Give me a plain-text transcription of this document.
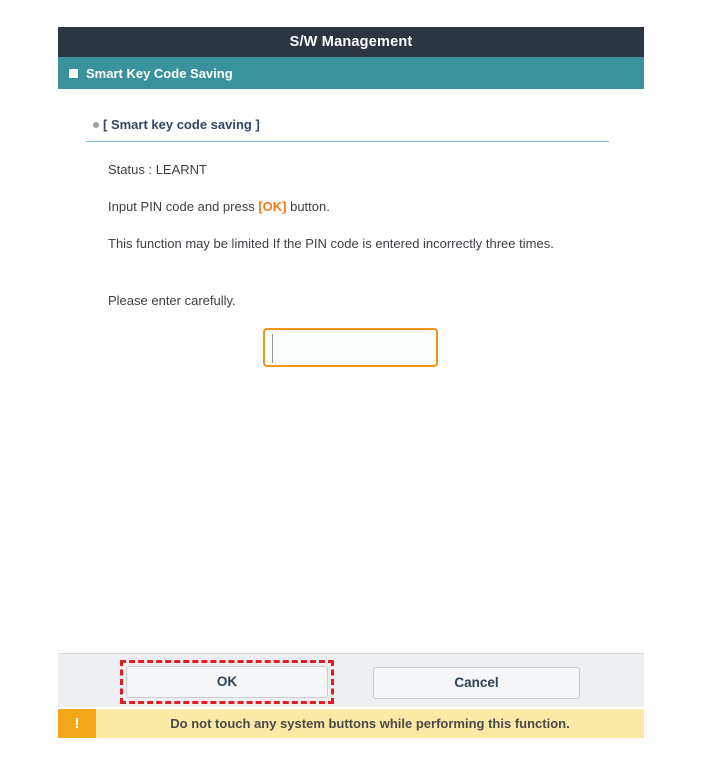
S/W Management
Smart Key Code Saving
[ Smart key code saving ]
Status : LEARNT
Input PIN code and press [OK] button.
This function may be limited If the PIN code is entered incorrectly three times.
Please enter carefully.
OK	Cancel
!	Do not touch any system buttons while performing this function.
